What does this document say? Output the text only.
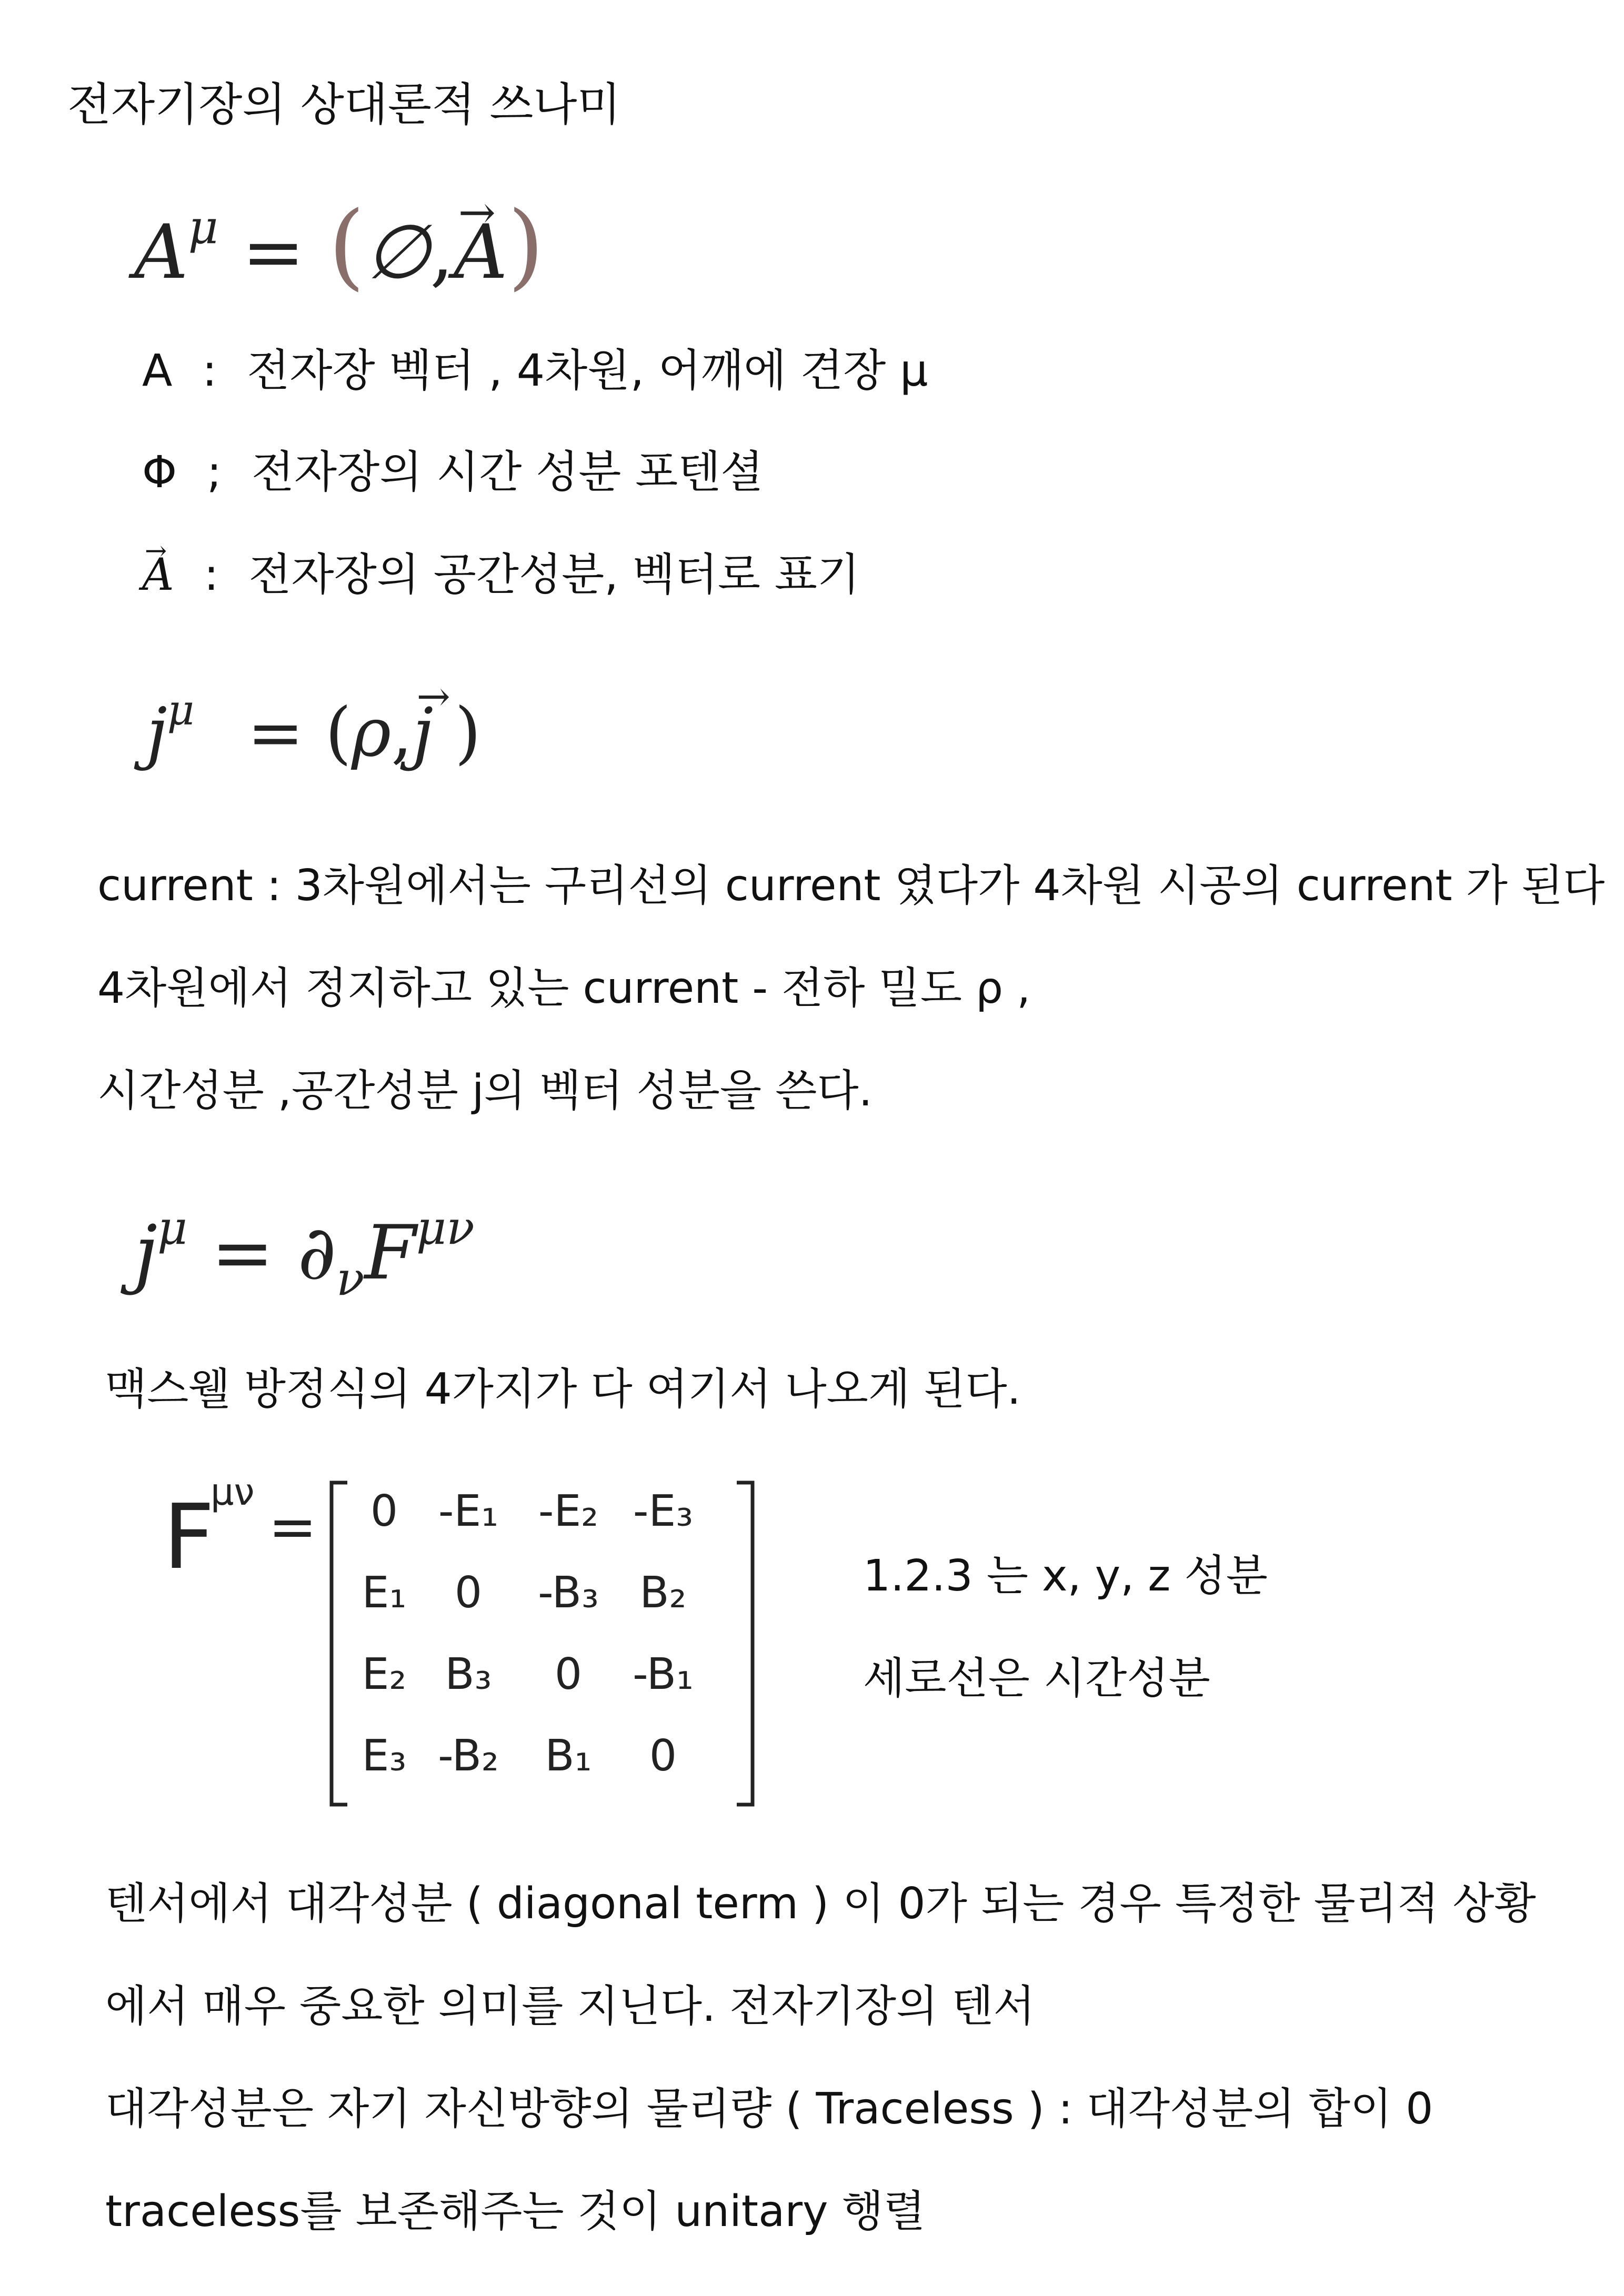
전자기장의 상대론적 쓰나미
$A^\mu$ = (∅,→ A)
A : 전자장 벡터 , 4차원, 어깨에 견장 μ
Φ ; 전자장의 시간 성분 포텐셜
→ A : 전자장의 공간성분, 벡터로 표기
$j^\mu = (\rho,\to j$ )
current : 3차원에서는 구리선의 current 였다가 4차원 시공의 current 가 된다
4차원에서 정지하고 있는 current - 전하 밀도 ρ ,
시간성분 ,공간성분 j의 벡터 성분을 쓴다.
$j^\mu = \partial_\nu F^{\mu\nu}$
맥스웰 방정식의 4가지가 다 여기서 나오게 된다.
F
μν
= 0 -E₁ -E₂ -E₃
E₁ 0 -B₃ B₂
E₂ B₃ 0 -B₁
E₃ -B₂ B₁ 0
1.2.3 는 x, y, z 성분
세로선은 시간성분
텐서에서 대각성분 ( diagonal term ) 이 0가 되는 경우 특정한 물리적 상황
에서 매우 중요한 의미를 지닌다. 전자기장의 텐서
대각성분은 자기 자신방향의 물리량 ( Traceless ) : 대각성분의 합이 0
traceless를 보존해주는 것이 unitary 행렬
